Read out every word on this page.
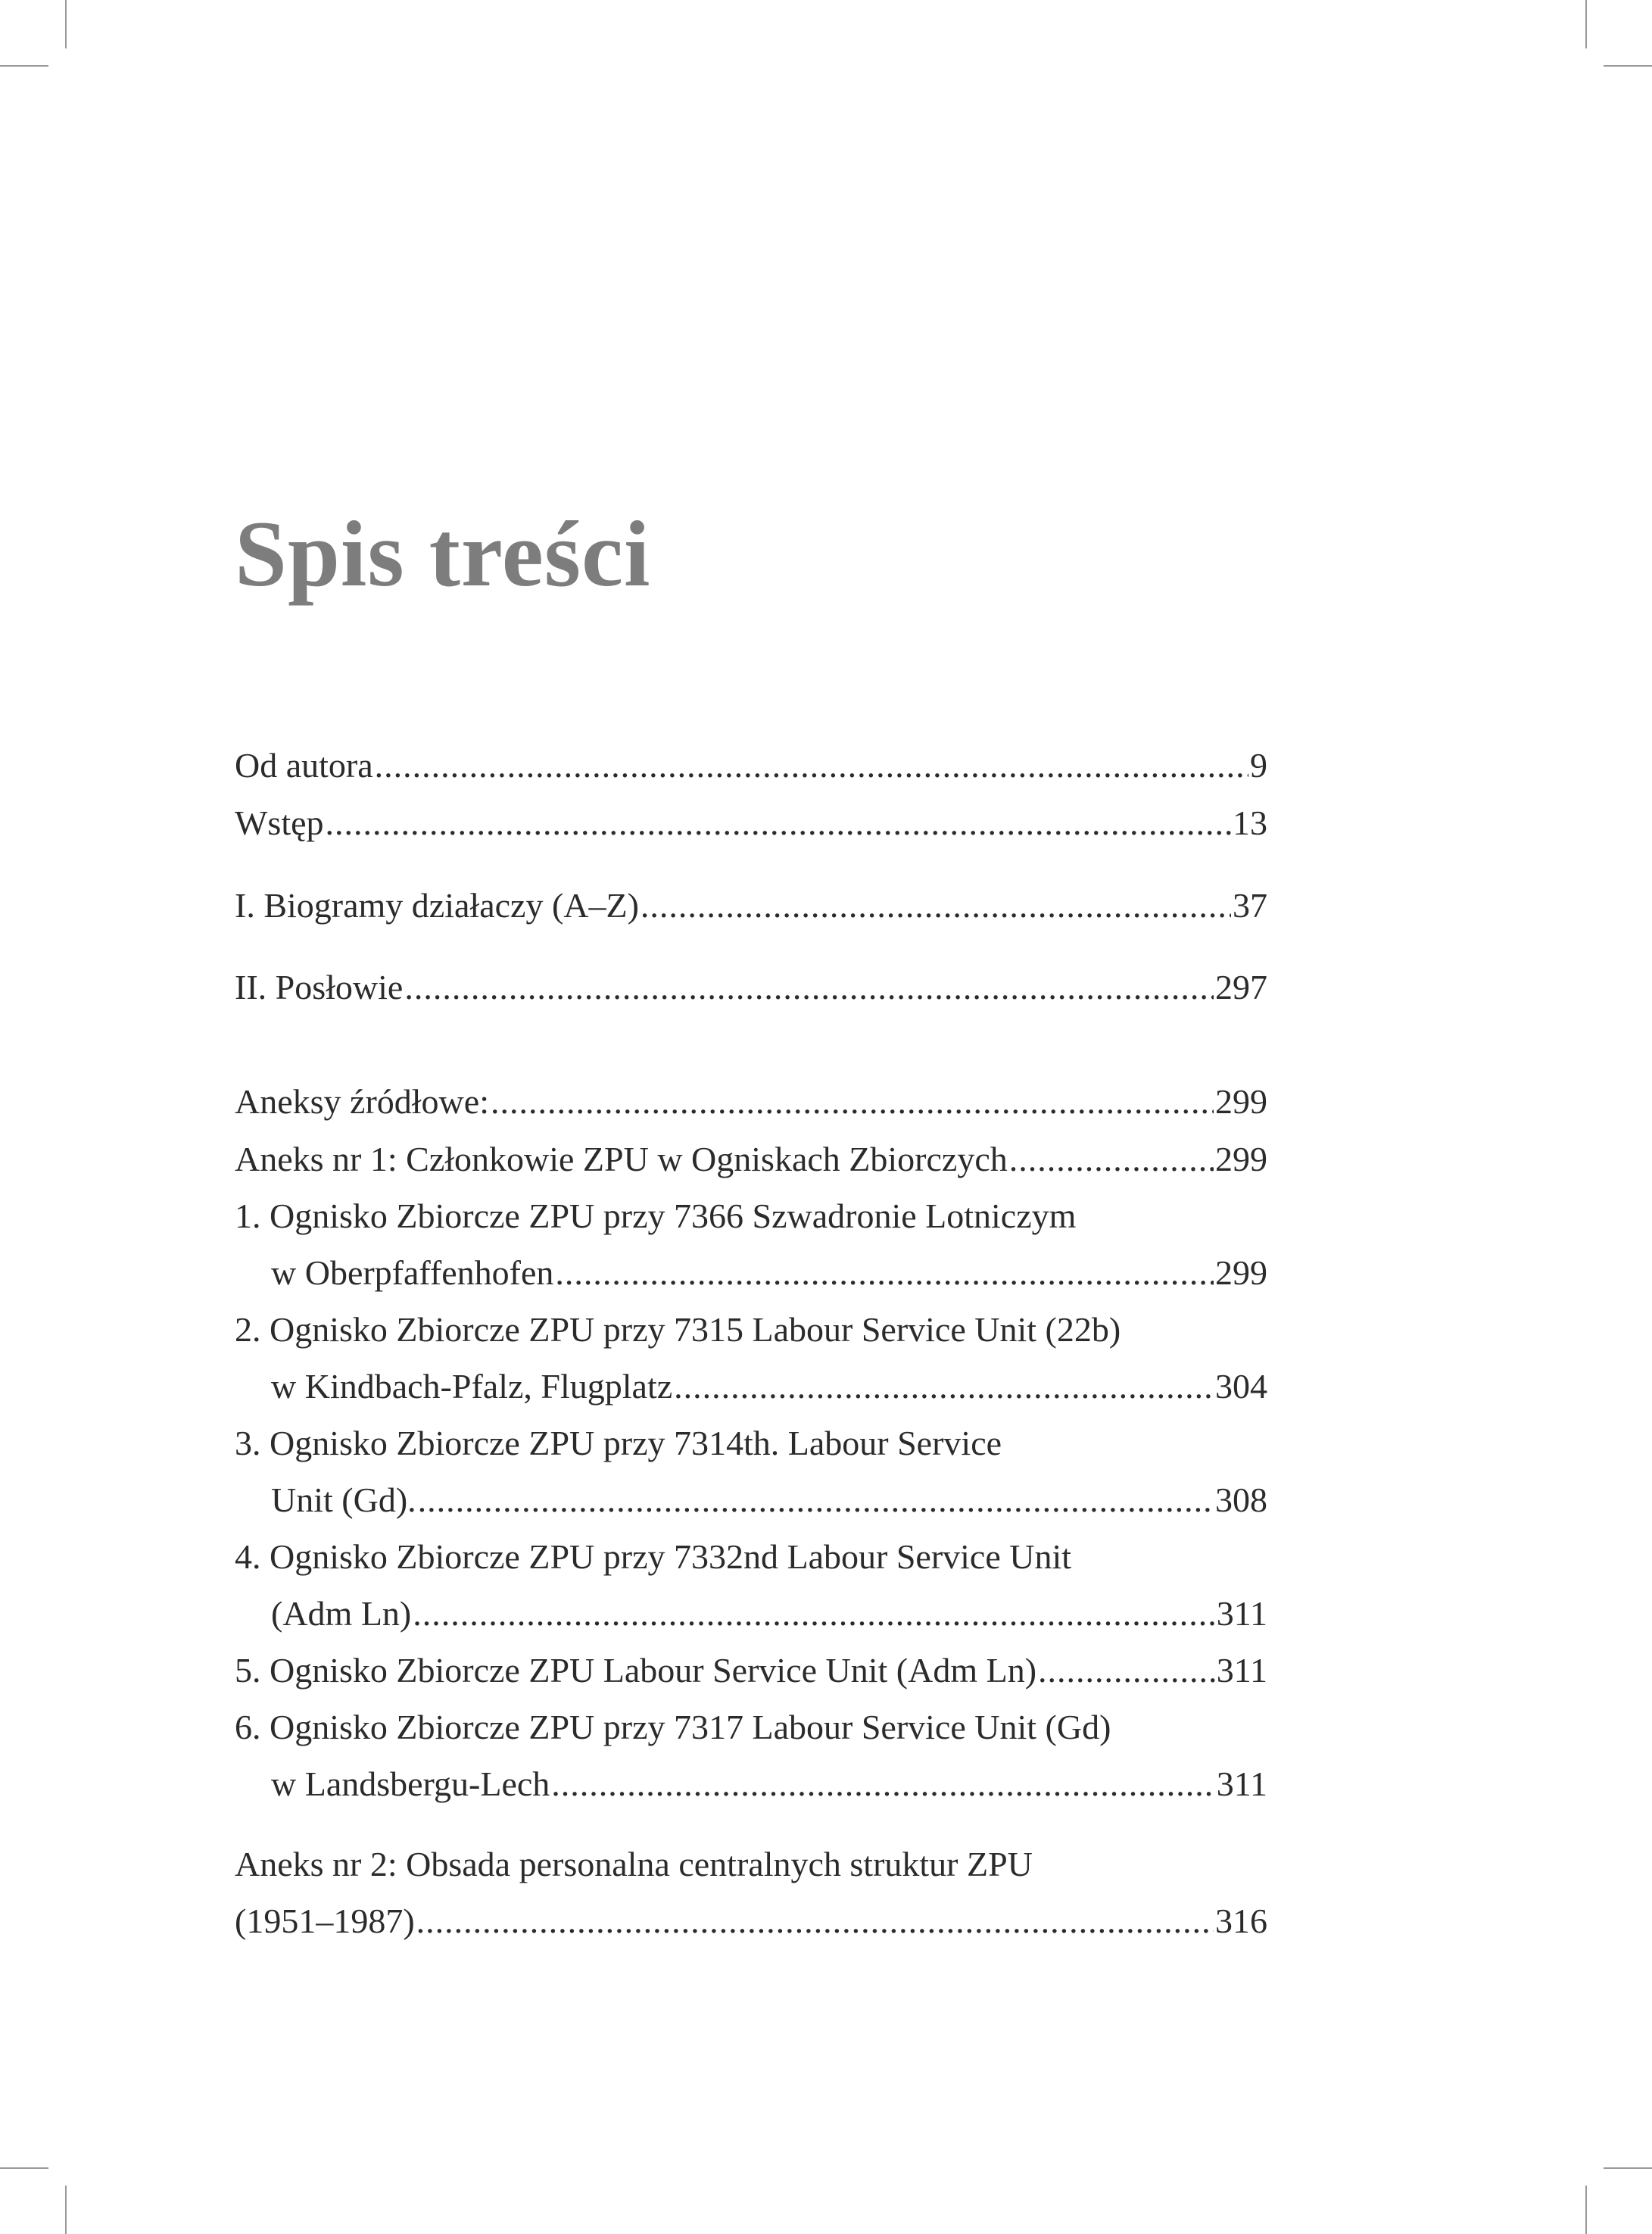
Spis treści
Od autora .....	9
Wstęp .....	13
I. Biogramy działaczy (A–Z) .....	37
II. Posłowie .....	297
Aneksy źródłowe: .....	299
Aneks nr 1: Członkowie ZPU w Ogniskach Zbiorczych .....	299
1. Ognisko Zbiorcze ZPU przy 7366 Szwadronie Lotniczym
w Oberpfaffenhofen .....	299
2. Ognisko Zbiorcze ZPU przy 7315 Labour Service Unit (22b)
w Kindbach-Pfalz, Flugplatz .....	304
3. Ognisko Zbiorcze ZPU przy 7314th. Labour Service
Unit (Gd). .....	308
4. Ognisko Zbiorcze ZPU przy 7332nd Labour Service Unit
(Adm Ln) .....	311
5. Ognisko Zbiorcze ZPU Labour Service Unit (Adm Ln) .....	311
6. Ognisko Zbiorcze ZPU przy 7317 Labour Service Unit (Gd)
w Landsbergu-Lech .....	311
Aneks nr 2: Obsada personalna centralnych struktur ZPU
(1951–1987) .....	316
